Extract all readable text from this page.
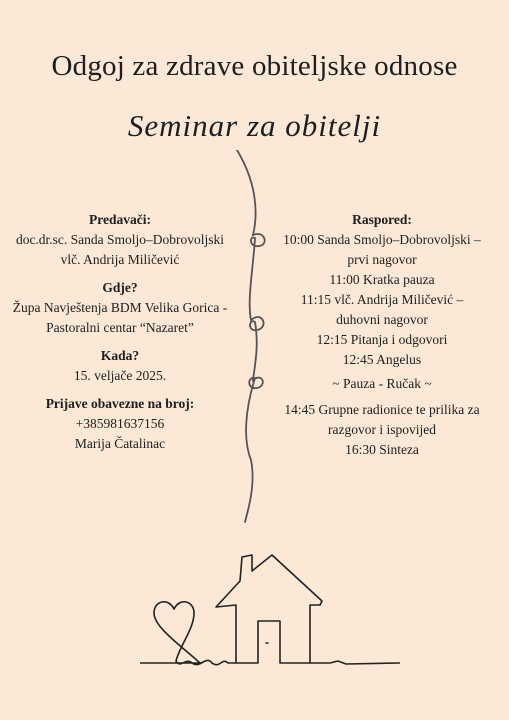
Odgoj za zdrave obiteljske odnose
Seminar za obitelji
Predavači:
doc.dr.sc. Sanda Smoljo–Dobrovoljski
vlč. Andrija Miličević
Gdje?
Župa Navještenja BDM Velika Gorica -
Pastoralni centar “Nazaret”
Kada?
15. veljače 2025.
Prijave obavezne na broj:
+385981637156
Marija Čatalinac
Raspored:
10:00 Sanda Smoljo–Dobrovoljski –
prvi nagovor
11:00 Kratka pauza
11:15 vlč. Andrija Miličević –
duhovni nagovor
12:15 Pitanja i odgovori
12:45 Angelus
~ Pauza - Ručak ~
14:45 Grupne radionice te prilika za
razgovor i ispovijed
16:30 Sinteza
